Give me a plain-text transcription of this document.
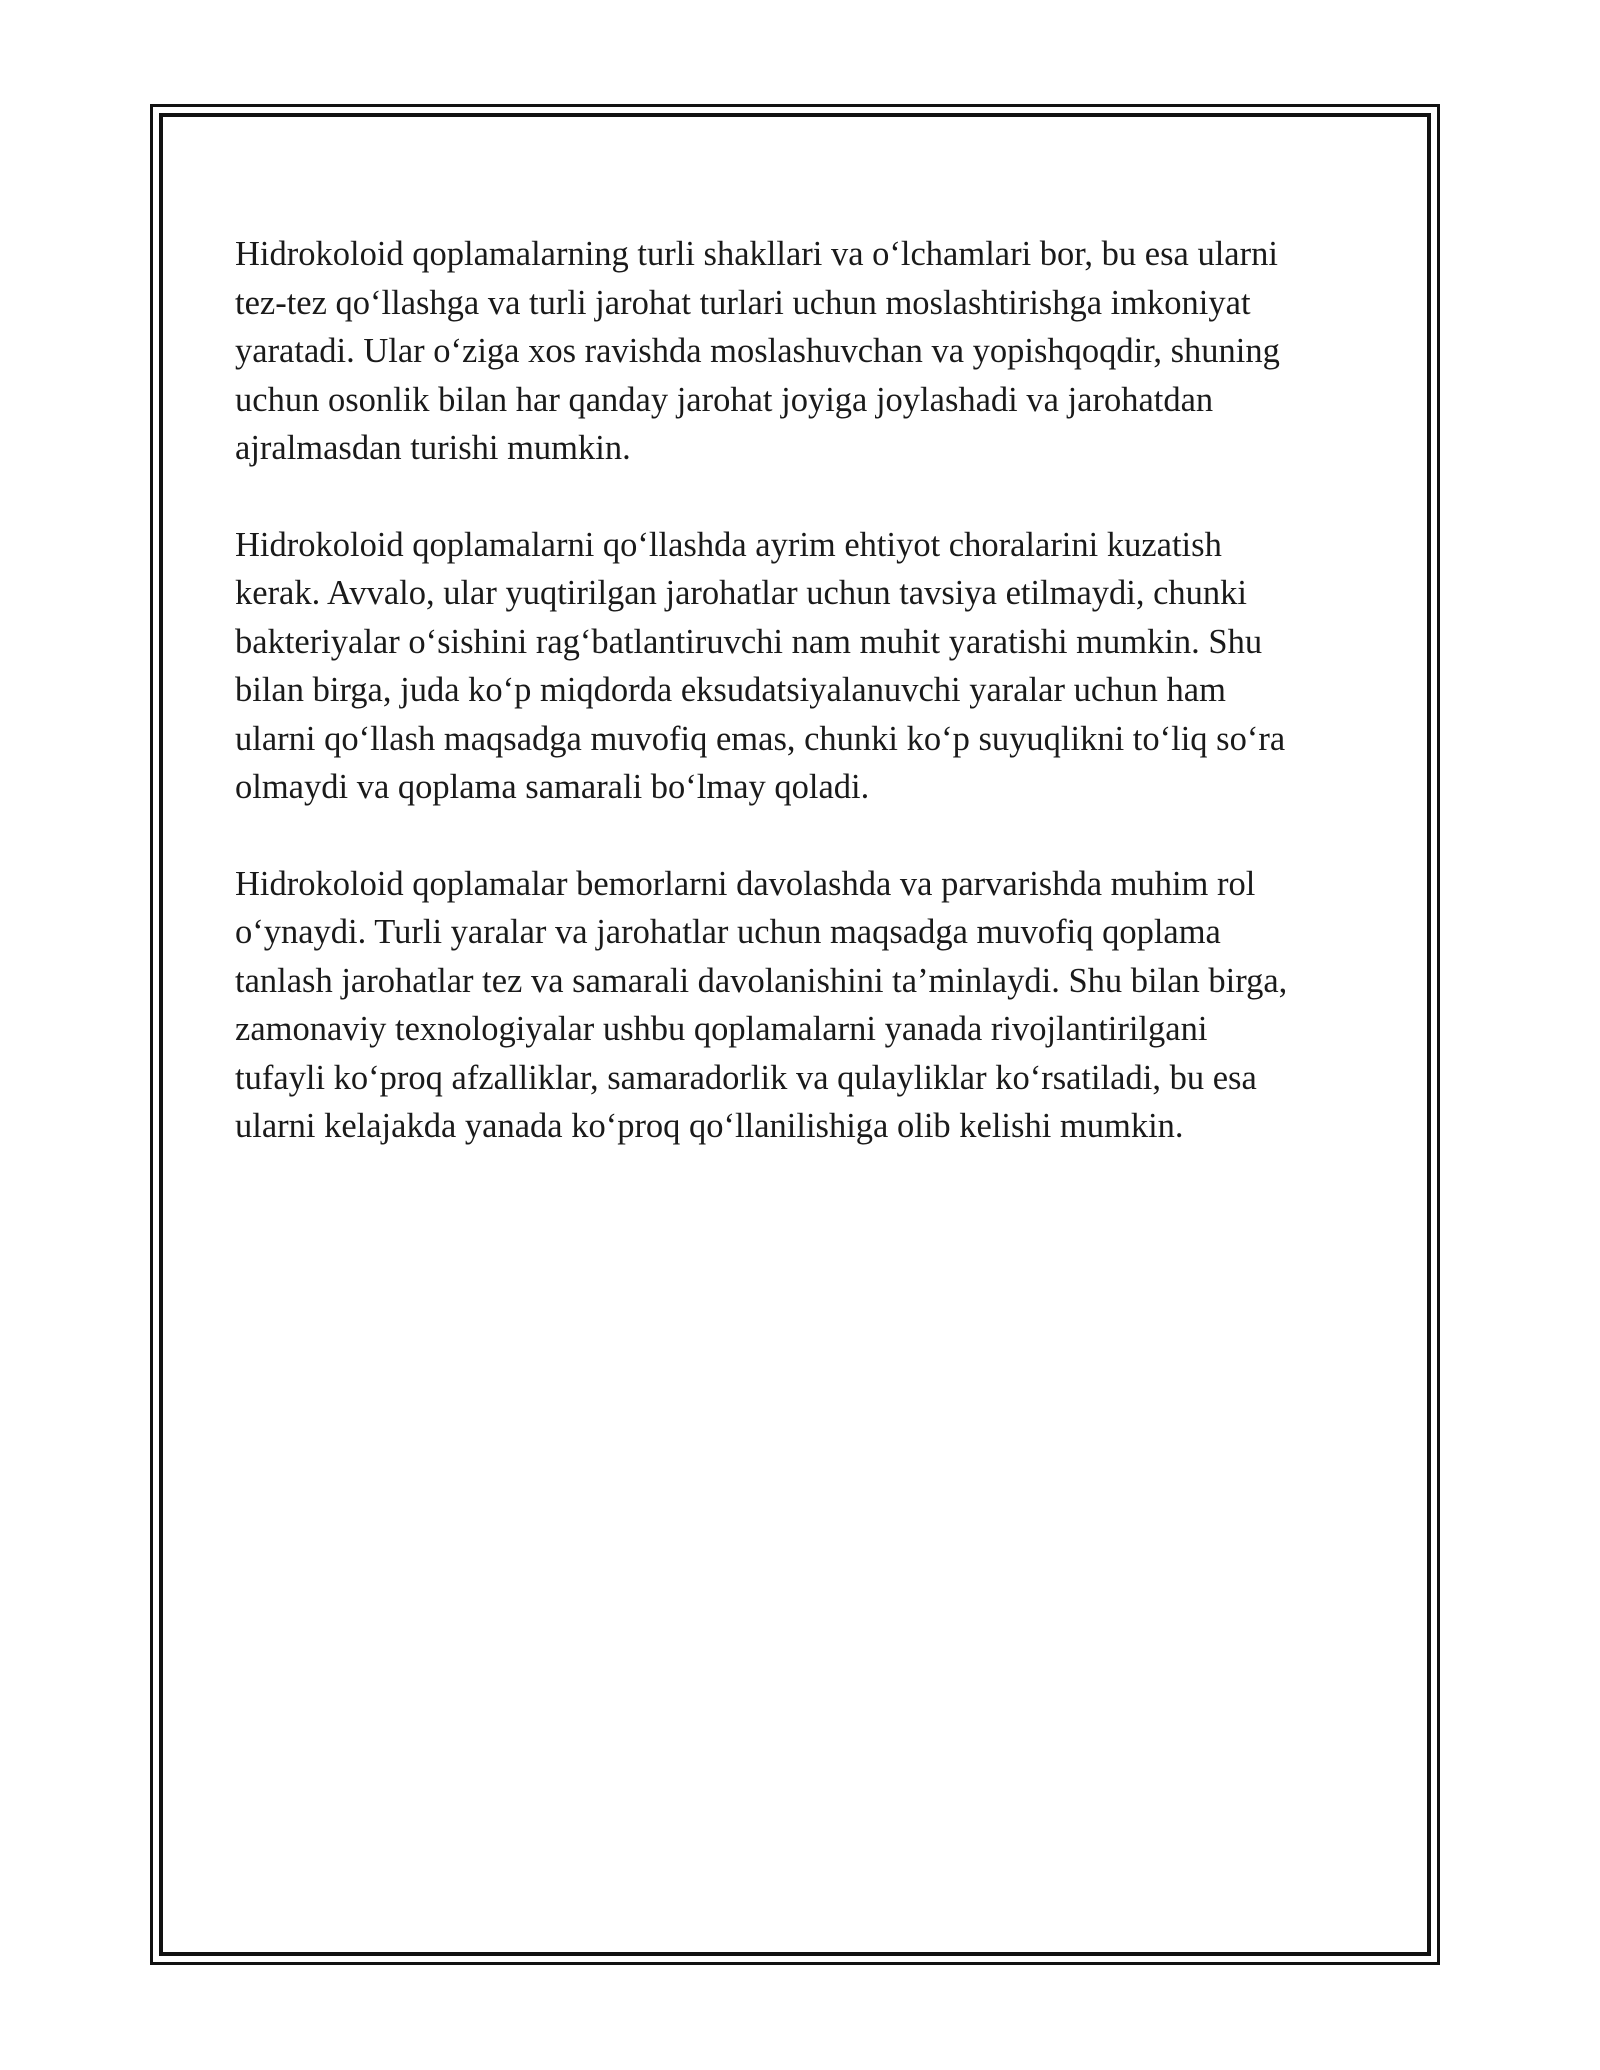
Hidrokoloid qoplamalarning turli shakllari va o‘lchamlari bor, bu esa ularni
tez-tez qo‘llashga va turli jarohat turlari uchun moslashtirishga imkoniyat
yaratadi. Ular o‘ziga xos ravishda moslashuvchan va yopishqoqdir, shuning
uchun osonlik bilan har qanday jarohat joyiga joylashadi va jarohatdan
ajralmasdan turishi mumkin.

Hidrokoloid qoplamalarni qo‘llashda ayrim ehtiyot choralarini kuzatish
kerak. Avvalo, ular yuqtirilgan jarohatlar uchun tavsiya etilmaydi, chunki
bakteriyalar o‘sishini rag‘batlantiruvchi nam muhit yaratishi mumkin. Shu
bilan birga, juda ko‘p miqdorda eksudatsiyalanuvchi yaralar uchun ham
ularni qo‘llash maqsadga muvofiq emas, chunki ko‘p suyuqlikni to‘liq so‘ra
olmaydi va qoplama samarali bo‘lmay qoladi.

Hidrokoloid qoplamalar bemorlarni davolashda va parvarishda muhim rol
o‘ynaydi. Turli yaralar va jarohatlar uchun maqsadga muvofiq qoplama
tanlash jarohatlar tez va samarali davolanishini ta’minlaydi. Shu bilan birga,
zamonaviy texnologiyalar ushbu qoplamalarni yanada rivojlantirilgani
tufayli ko‘proq afzalliklar, samaradorlik va qulayliklar ko‘rsatiladi, bu esa
ularni kelajakda yanada ko‘proq qo‘llanilishiga olib kelishi mumkin.
